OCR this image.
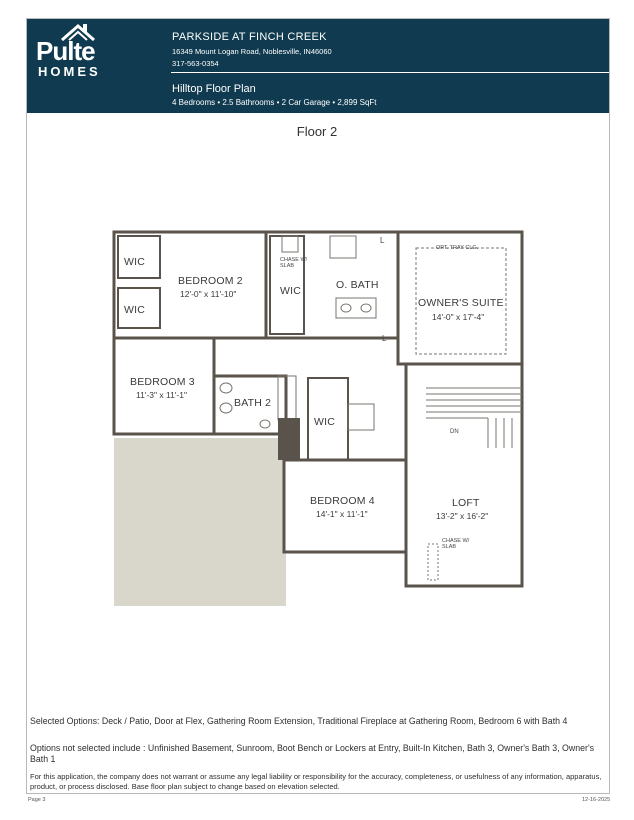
Pulte
HOMES
PARKSIDE AT FINCH CREEK
16349 Mount Logan Road, Noblesville, IN46060
317-563-0354
Hilltop Floor Plan
4 Bedrooms • 2.5 Bathrooms • 2 Car Garage • 2,899 SqFt
Floor 2
WIC
WIC
BEDROOM 2
12'-0" x 11'-10"
CHASE W/
SLAB
WIC	O. BATH
L
L
OPT. TRAY CLG.
OWNER'S SUITE
14'-0" x 17'-4"
BEDROOM 3
11'-3" x 11'-1"
BATH 2
WIC
DN
BEDROOM 4
14'-1" x 11'-1"
LOFT
13'-2" x 16'-2"
CHASE W/
SLAB
Selected Options: Deck / Patio, Door at Flex, Gathering Room Extension, Traditional Fireplace at Gathering Room, Bedroom 6 with Bath 4
Options not selected include : Unfinished Basement, Sunroom, Boot Bench or Lockers at Entry, Built-In Kitchen, Bath 3, Owner's Bath 3, Owner's Bath 1
For this application, the company does not warrant or assume any legal liability or responsibility for the accuracy, completeness, or usefulness of any information, apparatus, product, or process disclosed. Base floor plan subject to change based on elevation selected.
Page 3	12-16-2025
